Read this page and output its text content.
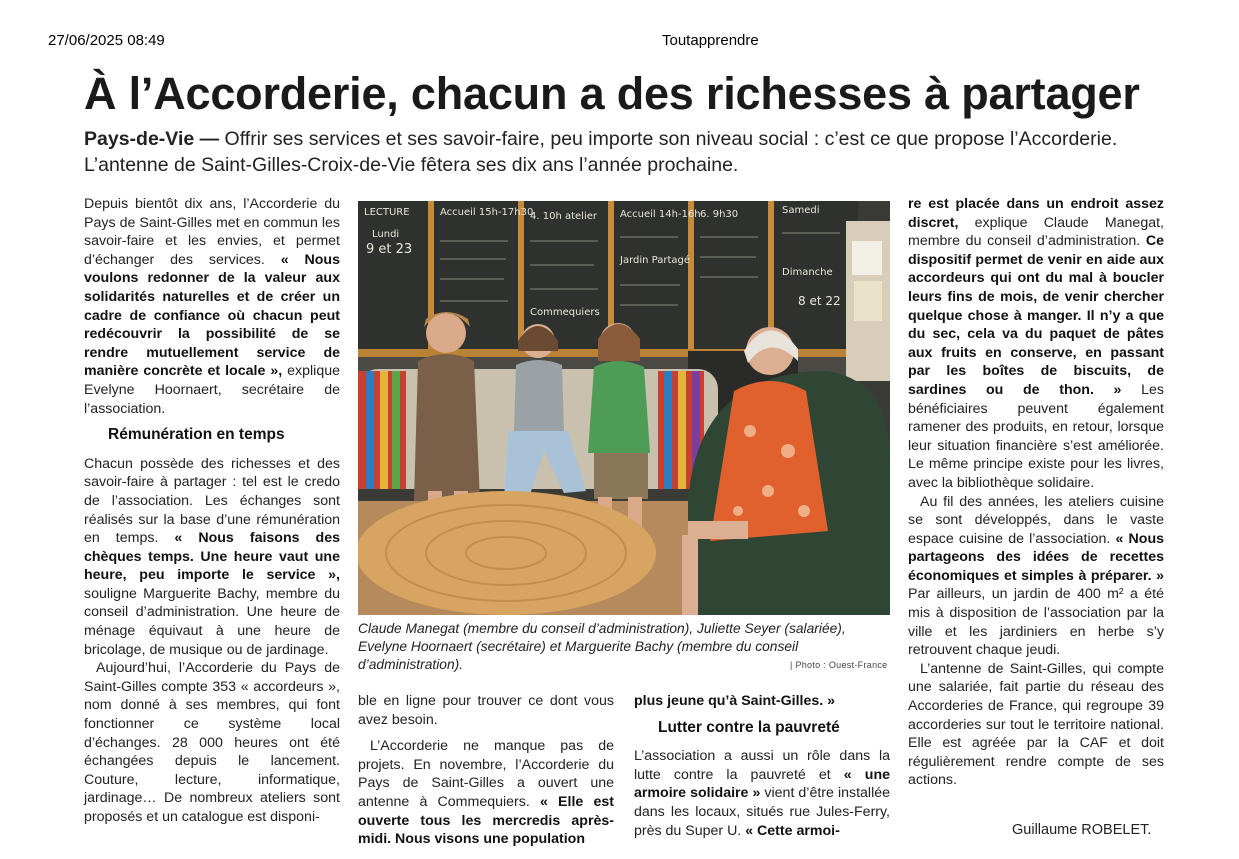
27/06/2025 08:49	Toutapprendre
À l’Accorderie, chacun a des richesses à partager
Pays-de-Vie — Offrir ses services et ses savoir-faire, peu importe son niveau social : c’est ce que propose l’Accorderie. L’antenne de Saint-Gilles-Croix-de-Vie fêtera ses dix ans l’année prochaine.

Depuis bientôt dix ans, l’Accorderie du Pays de Saint-Gilles met en commun les savoir-faire et les envies, et permet d’échanger des services. « Nous voulons redonner de la valeur aux solidarités naturelles et de créer un cadre de confiance où chacun peut redécouvrir la possibilité de se rendre mutuellement service de manière concrète et locale », explique Evelyne Hoornaert, secrétaire de l’association.

Rémunération en temps

Chacun possède des richesses et des savoir-faire à partager : tel est le credo de l’association. Les échanges sont réalisés sur la base d’une rémunération en temps. « Nous faisons des chèques temps. Une heure vaut une heure, peu importe le service », souligne Marguerite Bachy, membre du conseil d’administration. Une heure de ménage équivaut à une heure de bricolage, de musique ou de jardinage.

Aujourd’hui, l’Accorderie du Pays de Saint-Gilles compte 353 « accordeurs », nom donné à ses membres, qui font fonctionner ce système local d’échanges. 28 000 heures ont été échangées depuis le lancement. Couture, lecture, informatique, jardinage… De nombreux ateliers sont proposés et un catalogue est disponi-

LECTURE	Accueil 15h-17h30
4. 10h atelier Accueil 14h-16h 6. 9h30	Samedi
Lundi
9 et 23
Jardin Partagé
Dimanche
8 et 22
Commequiers
Claude Manegat (membre du conseil d’administration), Juliette Seyer (salariée), Evelyne Hoornaert (secrétaire) et Marguerite Bachy (membre du conseil d’administration).	| Photo : Ouest-France

ble en ligne pour trouver ce dont vous avez besoin.

L’Accorderie ne manque pas de projets. En novembre, l’Accorderie du Pays de Saint-Gilles a ouvert une antenne à Commequiers. « Elle est ouverte tous les mercredis après-midi. Nous visons une population

plus jeune qu’à Saint-Gilles. »

Lutter contre la pauvreté

L’association a aussi un rôle dans la lutte contre la pauvreté et « une armoire solidaire » vient d’être installée dans les locaux, situés rue Jules-Ferry, près du Super U. « Cette armoi-

re est placée dans un endroit assez discret, explique Claude Manegat, membre du conseil d’administration. Ce dispositif permet de venir en aide aux accordeurs qui ont du mal à boucler leurs fins de mois, de venir chercher quelque chose à manger. Il n’y a que du sec, cela va du paquet de pâtes aux fruits en conserve, en passant par les boîtes de biscuits, de sardines ou de thon. » Les bénéficiaires peuvent également ramener des produits, en retour, lorsque leur situation financière s’est améliorée. Le même principe existe pour les livres, avec la bibliothèque solidaire.

Au fil des années, les ateliers cuisine se sont développés, dans le vaste espace cuisine de l’association. « Nous partageons des idées de recettes économiques et simples à préparer. » Par ailleurs, un jardin de 400 m² a été mis à disposition de l’association par la ville et les jardiniers en herbe s’y retrouvent chaque jeudi.

L’antenne de Saint-Gilles, qui compte une salariée, fait partie du réseau des Accorderies de France, qui regroupe 39 accorderies sur tout le territoire national. Elle est agréée par la CAF et doit régulièrement rendre compte de ses actions.

Guillaume ROBELET.
